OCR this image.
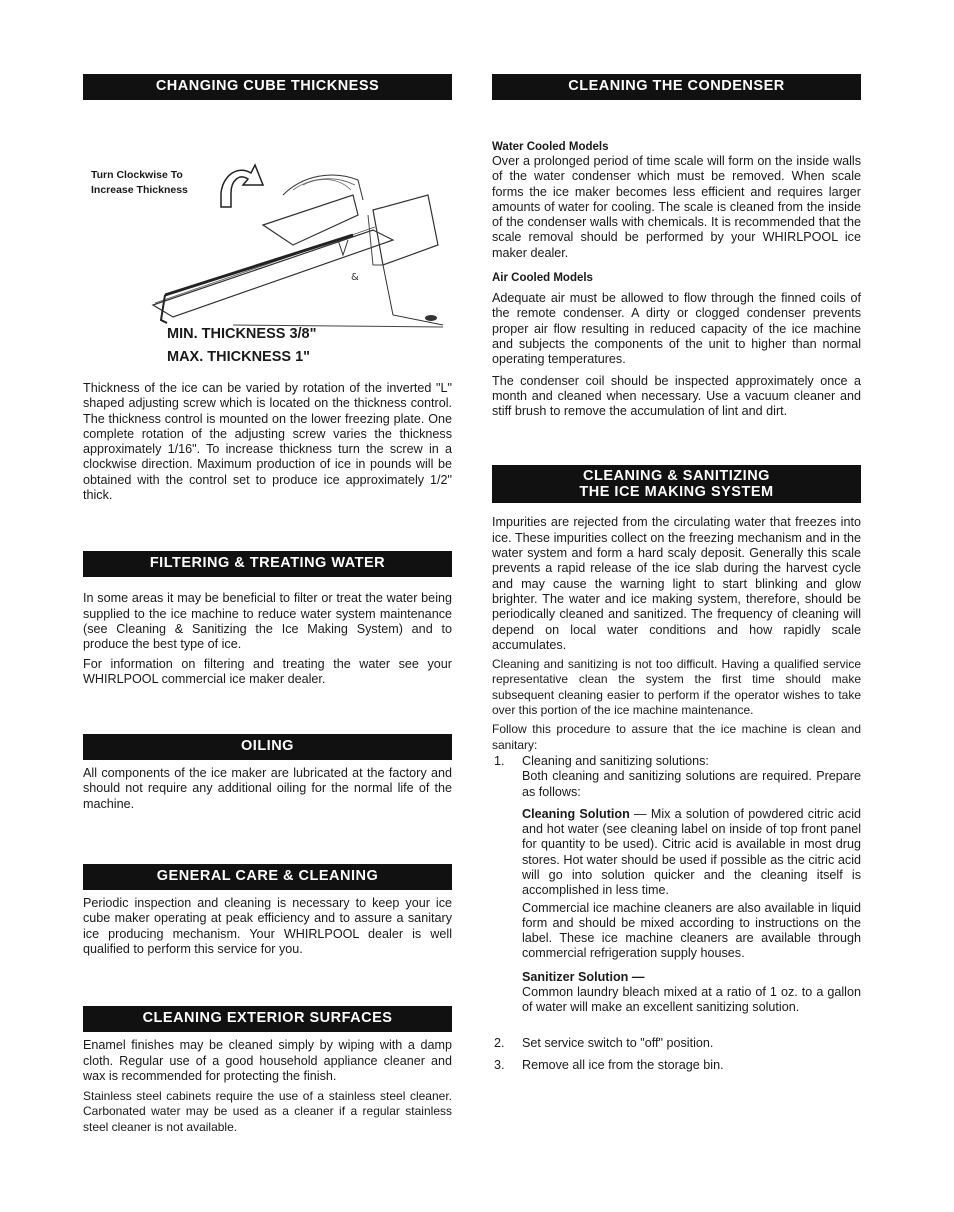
CHANGING CUBE THICKNESS
Turn Clockwise To
Increase Thickness
&
MIN. THICKNESS 3/8"
MAX. THICKNESS 1"

Thickness of the ice can be varied by rotation of the inverted "L" shaped adjusting screw which is located on the thickness control. The thickness control is mounted on the lower freezing plate. One complete rotation of the adjusting screw varies the thickness approximately 1/16". To increase thickness turn the screw in a clockwise direction. Maximum production of ice in pounds will be obtained with the control set to produce ice approximately 1/2" thick.

FILTERING & TREATING WATER

In some areas it may be beneficial to filter or treat the water being supplied to the ice machine to reduce water system maintenance (see Cleaning & Sanitizing the Ice Making System) and to produce the best type of ice.

For information on filtering and treating the water see your WHIRLPOOL commercial ice maker dealer.

OILING

All components of the ice maker are lubricated at the factory and should not require any additional oiling for the normal life of the machine.

GENERAL CARE & CLEANING

Periodic inspection and cleaning is necessary to keep your ice cube maker operating at peak efficiency and to assure a sanitary ice producing mechanism. Your WHIRLPOOL dealer is well qualified to perform this service for you.

CLEANING EXTERIOR SURFACES

Enamel finishes may be cleaned simply by wiping with a damp cloth. Regular use of a good household appliance cleaner and wax is recommended for protecting the finish.

Stainless steel cabinets require the use of a stainless steel cleaner. Carbonated water may be used as a cleaner if a regular stainless steel cleaner is not available.

CLEANING THE CONDENSER
Water Cooled Models

Over a prolonged period of time scale will form on the inside walls of the water condenser which must be removed. When scale forms the ice maker becomes less efficient and requires larger amounts of water for cooling. The scale is cleaned from the inside of the condenser walls with chemicals. It is recommended that the scale removal should be performed by your WHIRLPOOL ice maker dealer.

Air Cooled Models

Adequate air must be allowed to flow through the finned coils of the remote condenser. A dirty or clogged condenser prevents proper air flow resulting in reduced capacity of the ice machine and subjects the components of the unit to higher than normal operating temperatures.

The condenser coil should be inspected approximately once a month and cleaned when necessary. Use a vacuum cleaner and stiff brush to remove the accumulation of lint and dirt.

CLEANING & SANITIZING
THE ICE MAKING SYSTEM

Impurities are rejected from the circulating water that freezes into ice. These impurities collect on the freezing mechanism and in the water system and form a hard scaly deposit. Generally this scale prevents a rapid release of the ice slab during the harvest cycle and may cause the warning light to start blinking and glow brighter. The water and ice making system, therefore, should be periodically cleaned and sanitized. The frequency of cleaning will depend on local water conditions and how rapidly scale accumulates.

Cleaning and sanitizing is not too difficult. Having a qualified service representative clean the system the first time should make subsequent cleaning easier to perform if the operator wishes to take over this portion of the ice machine maintenance.

Follow this procedure to assure that the ice machine is clean and sanitary:

1. Cleaning and sanitizing solutions:

Both cleaning and sanitizing solutions are required. Prepare as follows:

Cleaning Solution — Mix a solution of powdered citric acid and hot water (see cleaning label on inside of top front panel for quantity to be used). Citric acid is available in most drug stores. Hot water should be used if possible as the citric acid will go into solution quicker and the cleaning itself is accomplished in less time.

Commercial ice machine cleaners are also available in liquid form and should be mixed according to instructions on the label. These ice machine cleaners are available through commercial refrigeration supply houses.

Sanitizer Solution —

Common laundry bleach mixed at a ratio of 1 oz. to a gallon of water will make an excellent sanitizing solution.

2. Set service switch to "off" position.

3. Remove all ice from the storage bin.
